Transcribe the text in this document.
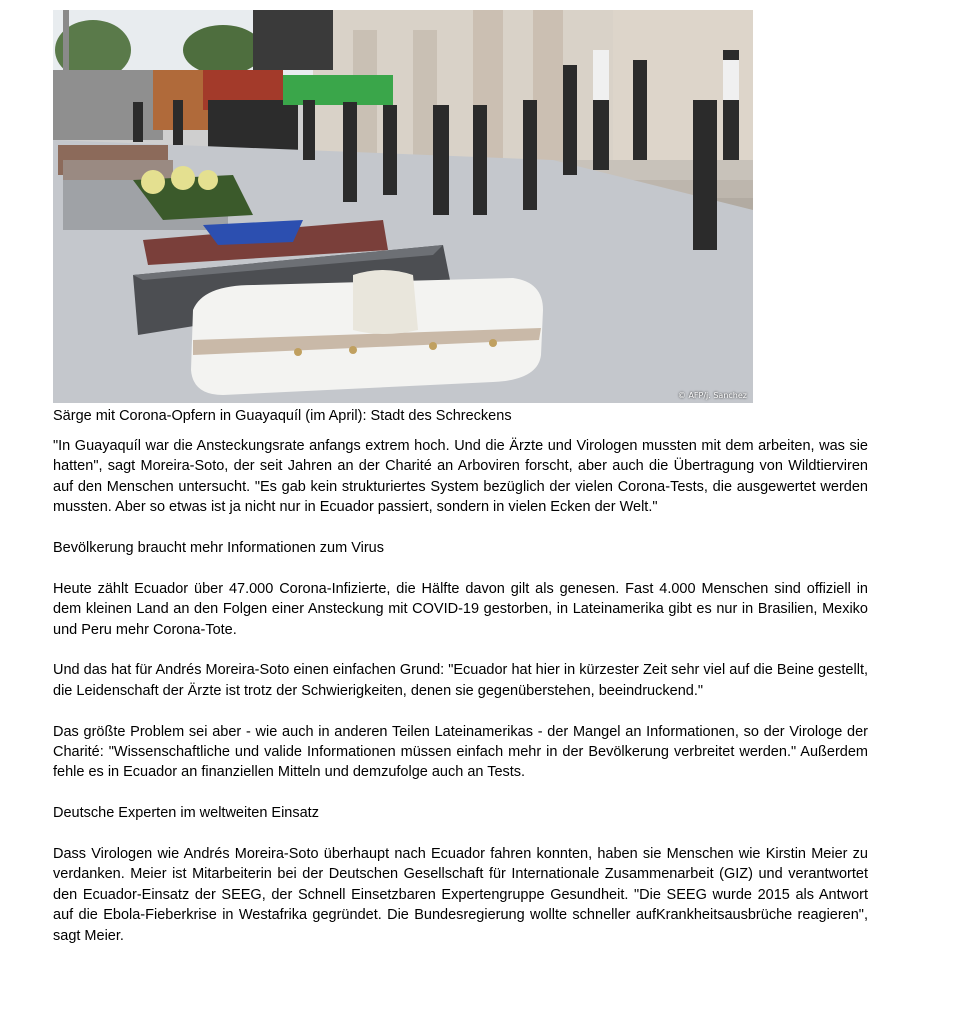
© AFP/j. Sanchez

Särge mit Corona-Opfern in Guayaquíl (im April): Stadt des Schreckens

"In Guayaquíl war die Ansteckungsrate anfangs extrem hoch. Und die Ärzte und Virologen mussten mit dem arbeiten, was sie hatten", sagt Moreira-Soto, der seit Jahren an der Charité an Arboviren forscht, aber auch die Übertragung von Wildtierviren auf den Menschen untersucht. "Es gab kein strukturiertes System bezüglich der vielen Corona-Tests, die ausgewertet werden mussten. Aber so etwas ist ja nicht nur in Ecuador passiert, sondern in vielen Ecken der Welt."

Bevölkerung braucht mehr Informationen zum Virus

Heute zählt Ecuador über 47.000 Corona-Infizierte, die Hälfte davon gilt als genesen. Fast 4.000 Menschen sind offiziell in dem kleinen Land an den Folgen einer Ansteckung mit COVID-19 gestorben, in Lateinamerika gibt es nur in Brasilien, Mexiko und Peru mehr Corona-Tote.

Und das hat für Andrés Moreira-Soto einen einfachen Grund: "Ecuador hat hier in kürzester Zeit sehr viel auf die Beine gestellt, die Leidenschaft der Ärzte ist trotz der Schwierigkeiten, denen sie gegenüberstehen, beeindruckend."

Das größte Problem sei aber - wie auch in anderen Teilen Lateinamerikas - der Mangel an Informationen, so der Virologe der Charité: "Wissenschaftliche und valide Informationen müssen einfach mehr in der Bevölkerung verbreitet werden." Außerdem fehle es in Ecuador an finanziellen Mitteln und demzufolge auch an Tests.

Deutsche Experten im weltweiten Einsatz

Dass Virologen wie Andrés Moreira-Soto überhaupt nach Ecuador fahren konnten, haben sie Menschen wie Kirstin Meier zu verdanken. Meier ist Mitarbeiterin bei der Deutschen Gesellschaft für Internationale Zusammenarbeit (GIZ) und verantwortet den Ecuador-Einsatz der SEEG, der Schnell Einsetzbaren Expertengruppe Gesundheit. "Die SEEG wurde 2015 als Antwort auf die Ebola-Fieberkrise in Westafrika gegründet. Die Bundesregierung wollte schneller aufKrankheitsausbrüche reagieren", sagt Meier.
